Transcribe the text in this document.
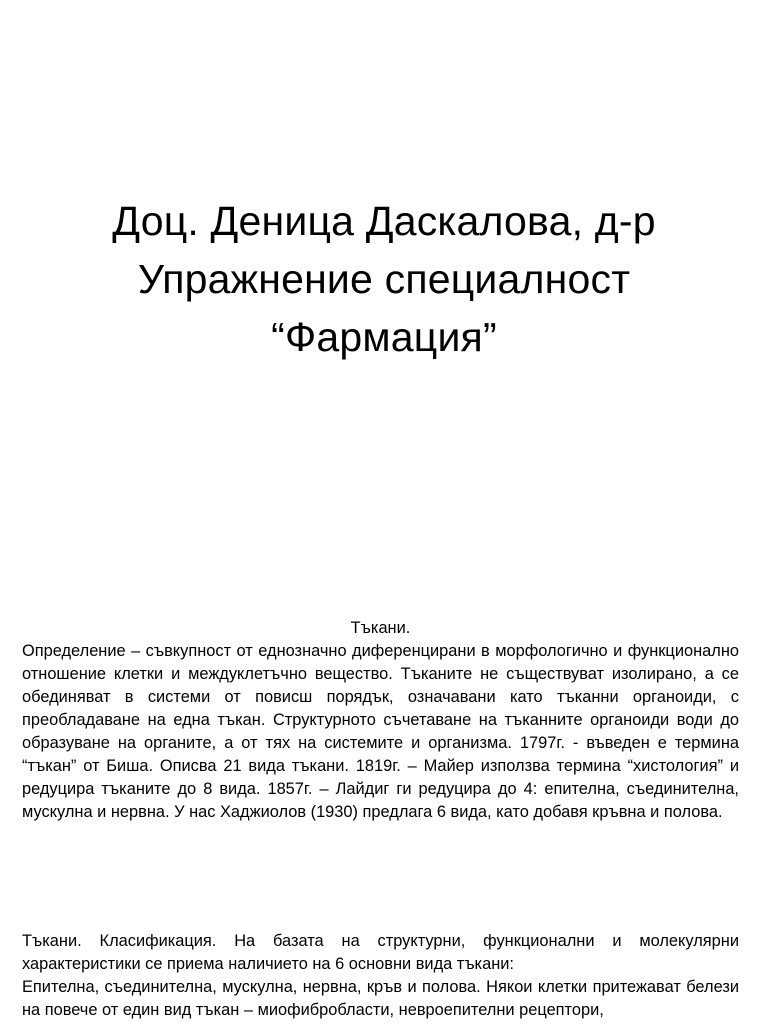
Доц. Деница Даскалова, д-р
Упражнение специалност
“Фармация”
Тъкани.

Определение – съвкупност от еднозначно диференцирани в морфологично и функционално отношение клетки и междуклетъчно вещество. Тъканите не съществуват изолирано, а се обединяват в системи от повисш порядък, означавани като тъканни органоиди, с преобладаване на една тъкан. Структурното съчетаване на тъканните органоиди води до образуване на органите, а от тях на системите и организма. 1797г. - въведен е термина “тъкан” от Биша. Описва 21 вида тъкани. 1819г. – Майер използва термина “хистология” и редуцира тъканите до 8 вида. 1857г. – Лайдиг ги редуцира до 4: епителна, съединителна, мускулна и нервна. У нас Хаджиолов (1930) предлага 6 вида, като добавя кръвна и полова.

Тъкани. Класификация. На базата на структурни, функционални и молекулярни характеристики се приема наличието на 6 основни вида тъкани:

Епителна, съединителна, мускулна, нервна, кръв и полова. Някои клетки притежават белези на повече от един вид тъкан – миофибробласти, невроепителни рецептори,
